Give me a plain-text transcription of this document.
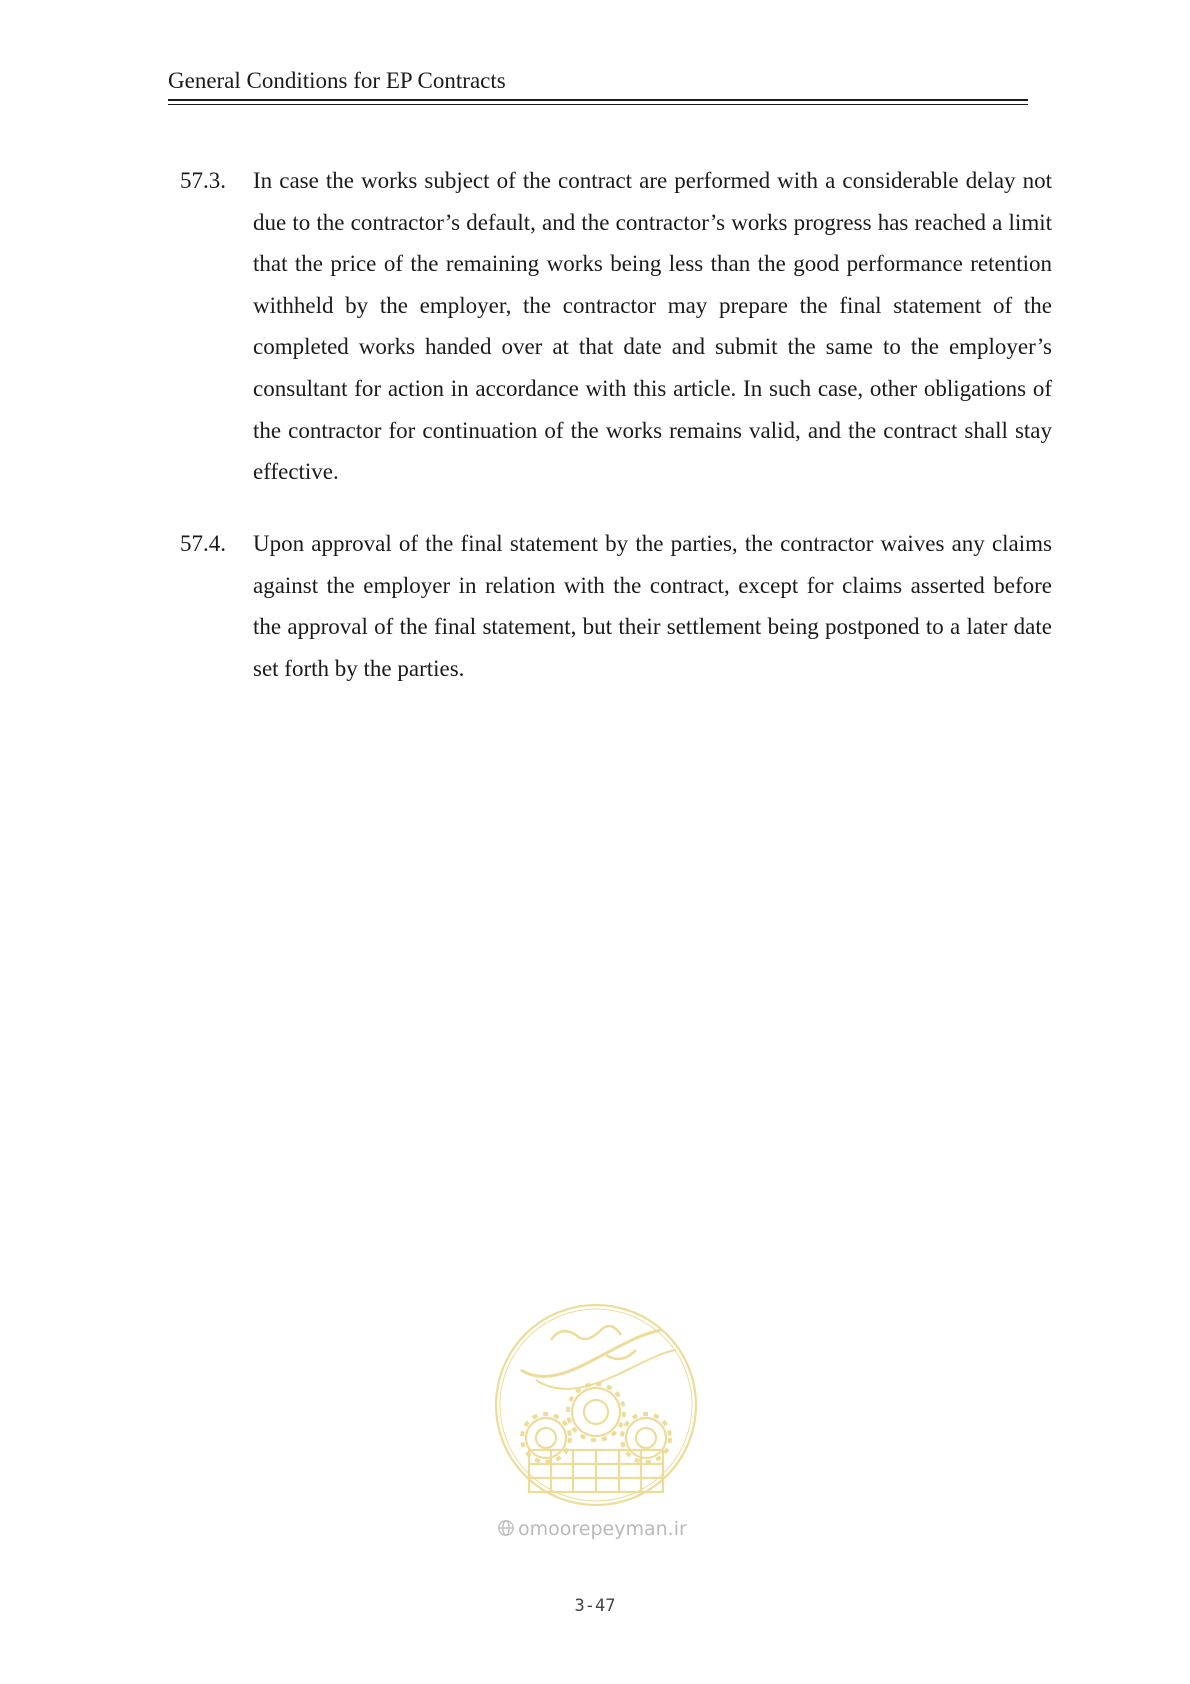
General Conditions for EP Contracts
57.3. In case the works subject of the contract are performed with a considerable delay not due to the contractor’s default, and the contractor’s works progress has reached a limit that the price of the remaining works being less than the good performance retention withheld by the employer, the contractor may prepare the final statement of the completed works handed over at that date and submit the same to the employer’s consultant for action in accordance with this article. In such case, other obligations of the contractor for continuation of the works remains valid, and the contract shall stay effective.
57.4. Upon approval of the final statement by the parties, the contractor waives any claims against the employer in relation with the contract, except for claims asserted before the approval of the final statement, but their settlement being postponed to a later date set forth by the parties.
omoorepeyman.ir
3-47
